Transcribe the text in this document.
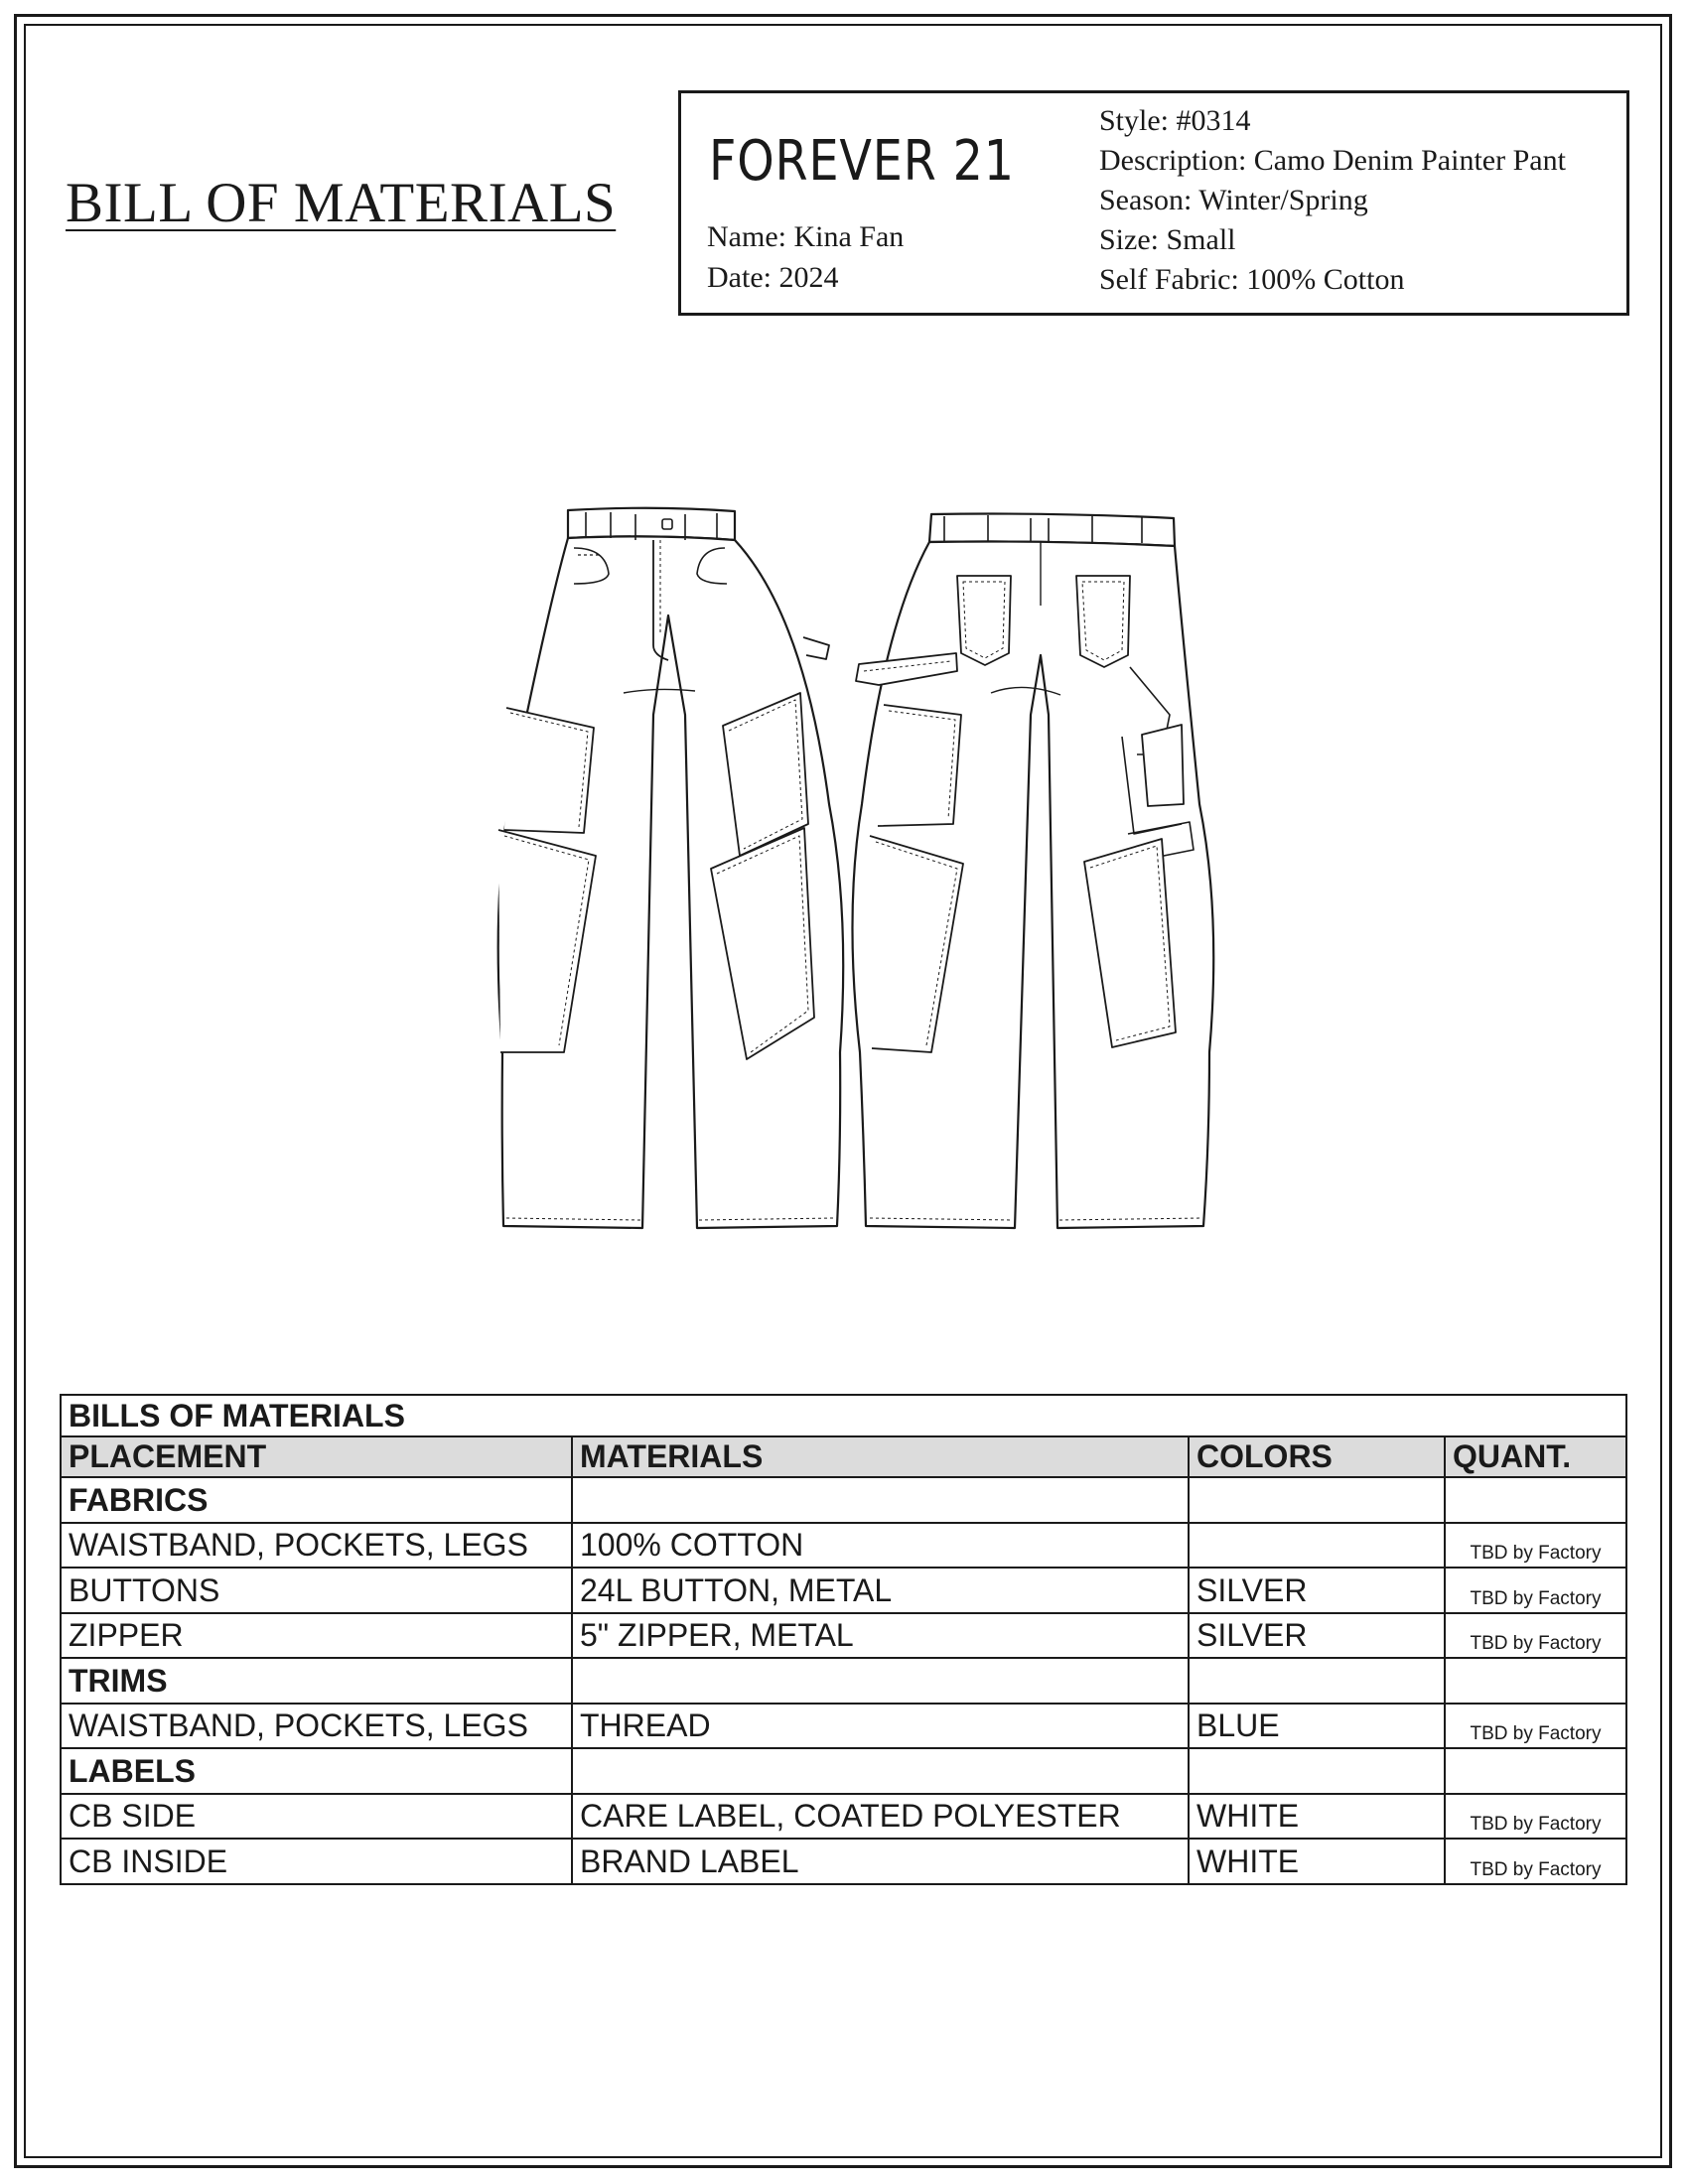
BILL OF MATERIALS
FOREVER 21
Name: Kina Fan
Date: 2024
Style: #0314
Description: Camo Denim Painter Pant
Season: Winter/Spring
Size: Small
Self Fabric: 100% Cotton
BILLS OF MATERIALS			
PLACEMENT	MATERIALS	COLORS	QUANT.
FABRICS			
WAISTBAND, POCKETS, LEGS	100% COTTON		TBD by Factory
BUTTONS	24L BUTTON, METAL	SILVER	TBD by Factory
ZIPPER	5" ZIPPER, METAL	SILVER	TBD by Factory
TRIMS			
WAISTBAND, POCKETS, LEGS	THREAD	BLUE	TBD by Factory
LABELS			
CB SIDE	CARE LABEL, COATED POLYESTER	WHITE	TBD by Factory
CB INSIDE	BRAND LABEL	WHITE	TBD by Factory
